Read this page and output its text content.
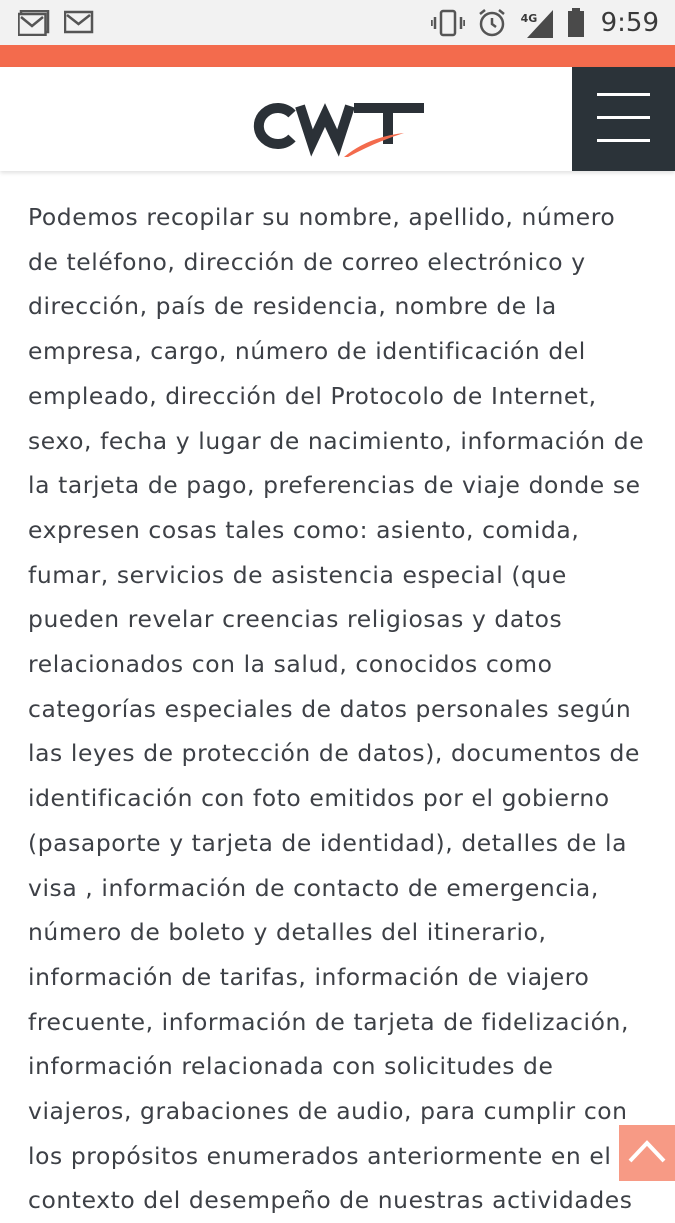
4G 9:59

Podemos recopilar su nombre, apellido, número

de teléfono, dirección de correo electrónico y

dirección, país de residencia, nombre de la

empresa, cargo, número de identificación del

empleado, dirección del Protocolo de Internet,

sexo, fecha y lugar de nacimiento, información de

la tarjeta de pago, preferencias de viaje donde se

expresen cosas tales como: asiento, comida,

fumar, servicios de asistencia especial (que

pueden revelar creencias religiosas y datos

relacionados con la salud, conocidos como

categorías especiales de datos personales según

las leyes de protección de datos), documentos de

identificación con foto emitidos por el gobierno

(pasaporte y tarjeta de identidad), detalles de la

visa , información de contacto de emergencia,

número de boleto y detalles del itinerario,

información de tarifas, información de viajero

frecuente, información de tarjeta de fidelización,

información relacionada con solicitudes de

viajeros, grabaciones de audio, para cumplir con

los propósitos enumerados anteriormente en el

contexto del desempeño de nuestras actividades
